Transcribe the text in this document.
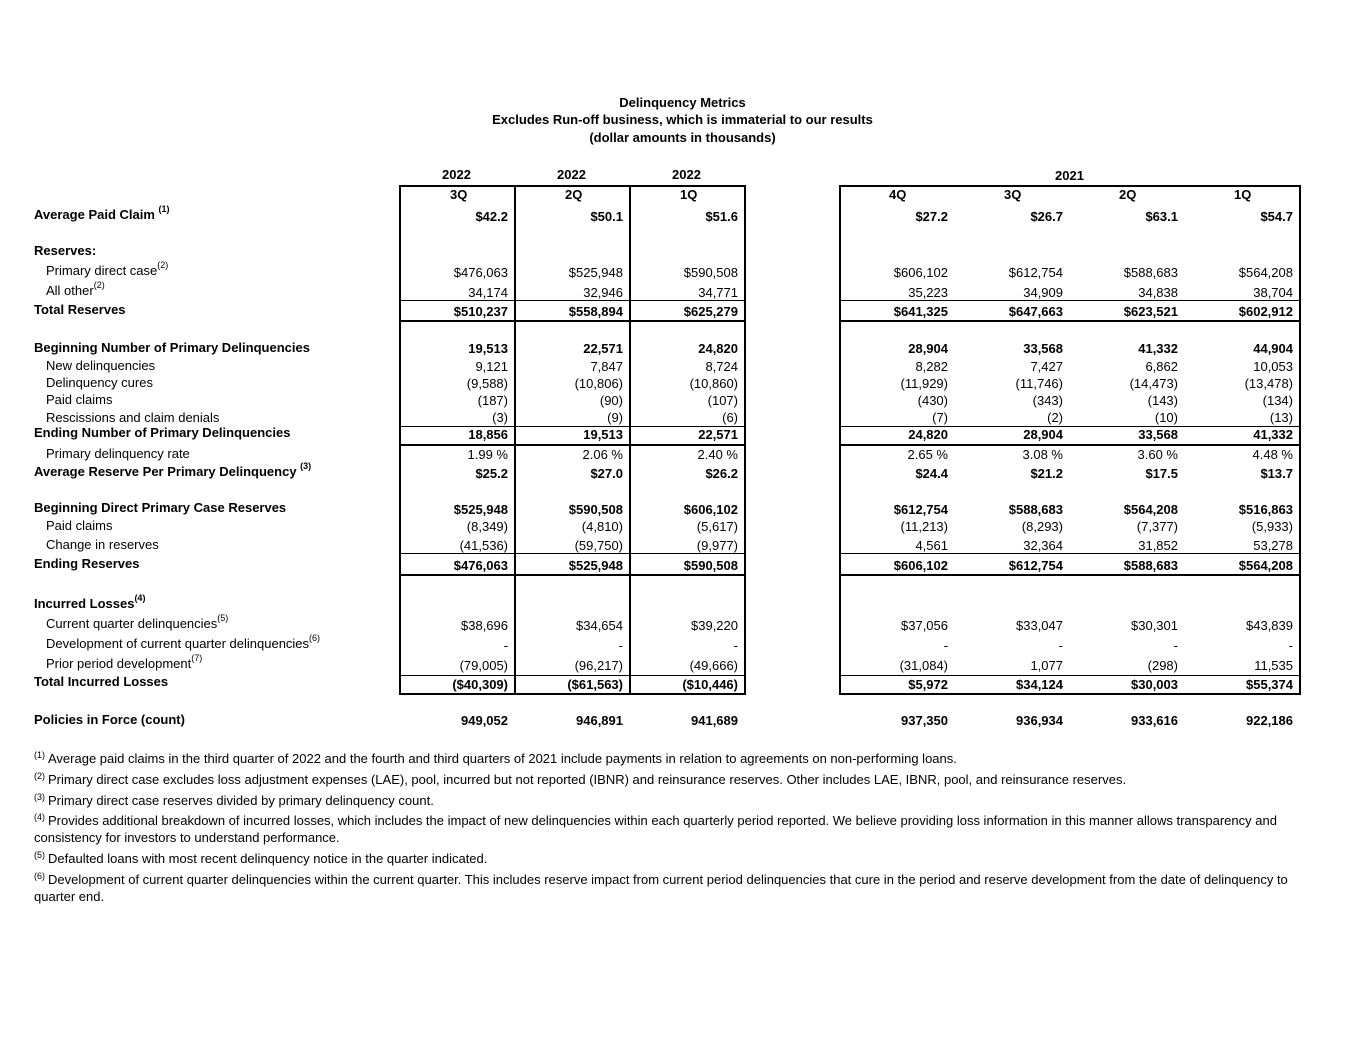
Delinquency Metrics
Excludes Run-off business, which is immaterial to our results
(dollar amounts in thousands)
2022	2022	2022	2021
3Q	2Q	1Q	4Q	3Q	2Q	1Q
Average Paid Claim $^{(1)}$	$42.2	$50.1	$51.6	$27.2	$26.7	$63.1	$54.7
Reserves:
Primary direct case$^{(2)}$	$476,063	$525,948	$590,508	$606,102	$612,754	$588,683	$564,208
All other$^{(2)}$	34,174	32,946	34,771	35,223	34,909	34,838	38,704
Total Reserves	$510,237	$558,894	$625,279	$641,325	$647,663	$623,521	$602,912
Beginning Number of Primary Delinquencies	19,513	22,571	24,820	28,904	33,568	41,332	44,904
New delinquencies	9,121	7,847	8,724	8,282	7,427	6,862	10,053
Delinquency cures	(9,588)	(10,806)	(10,860)	(11,929)	(11,746)	(14,473)	(13,478)
Paid claims	(187)	(90)	(107)	(430)	(343)	(143)	(134)
Rescissions and claim denials	(3)	(9)	(6)	(7)	(2)	(10)	(13)
Ending Number of Primary Delinquencies	18,856	19,513	22,571	24,820	28,904	33,568	41,332
Primary delinquency rate	1.99 %	2.06 %	2.40 %	2.65 %	3.08 %	3.60 %	4.48 %
Average Reserve Per Primary Delinquency $^{(3)}$	$25.2	$27.0	$26.2	$24.4	$21.2	$17.5	$13.7
Beginning Direct Primary Case Reserves	$525,948	$590,508	$606,102	$612,754	$588,683	$564,208	$516,863
Paid claims	(8,349)	(4,810)	(5,617)	(11,213)	(8,293)	(7,377)	(5,933)
Change in reserves	(41,536)	(59,750)	(9,977)	4,561	32,364	31,852	53,278
Ending Reserves	$476,063	$525,948	$590,508	$606,102	$612,754	$588,683	$564,208
Incurred Losses$^{(4)}$
Current quarter delinquencies$^{(5)}$	$38,696	$34,654	$39,220	$37,056	$33,047	$30,301	$43,839
Development of current quarter delinquencies$^{(6)}$	-	-	-	-	-	-	-
Prior period development$^{(7)}$	(79,005)	(96,217)	(49,666)	(31,084)	1,077	(298)	11,535
Total Incurred Losses	($40,309)	($61,563)	($10,446)	$5,972	$34,124	$30,003	$55,374
Policies in Force (count)	949,052	946,891	941,689	937,350	936,934	933,616	922,186
$^{(1)}$ Average paid claims in the third quarter of 2022 and the fourth and third quarters of 2021 include payments in relation to agreements on non-performing loans.
$^{(2)}$ Primary direct case excludes loss adjustment expenses (LAE), pool, incurred but not reported (IBNR) and reinsurance reserves. Other includes LAE, IBNR, pool, and reinsurance reserves.
$^{(3)}$ Primary direct case reserves divided by primary delinquency count.
$^{(4)}$ Provides additional breakdown of incurred losses, which includes the impact of new delinquencies within each quarterly period reported. We believe providing loss information in this manner allows transparency and consistency for investors to understand performance.
$^{(5)}$ Defaulted loans with most recent delinquency notice in the quarter indicated.
$^{(6)}$ Development of current quarter delinquencies within the current quarter. This includes reserve impact from current period delinquencies that cure in the period and reserve development from the date of delinquency to quarter end.
